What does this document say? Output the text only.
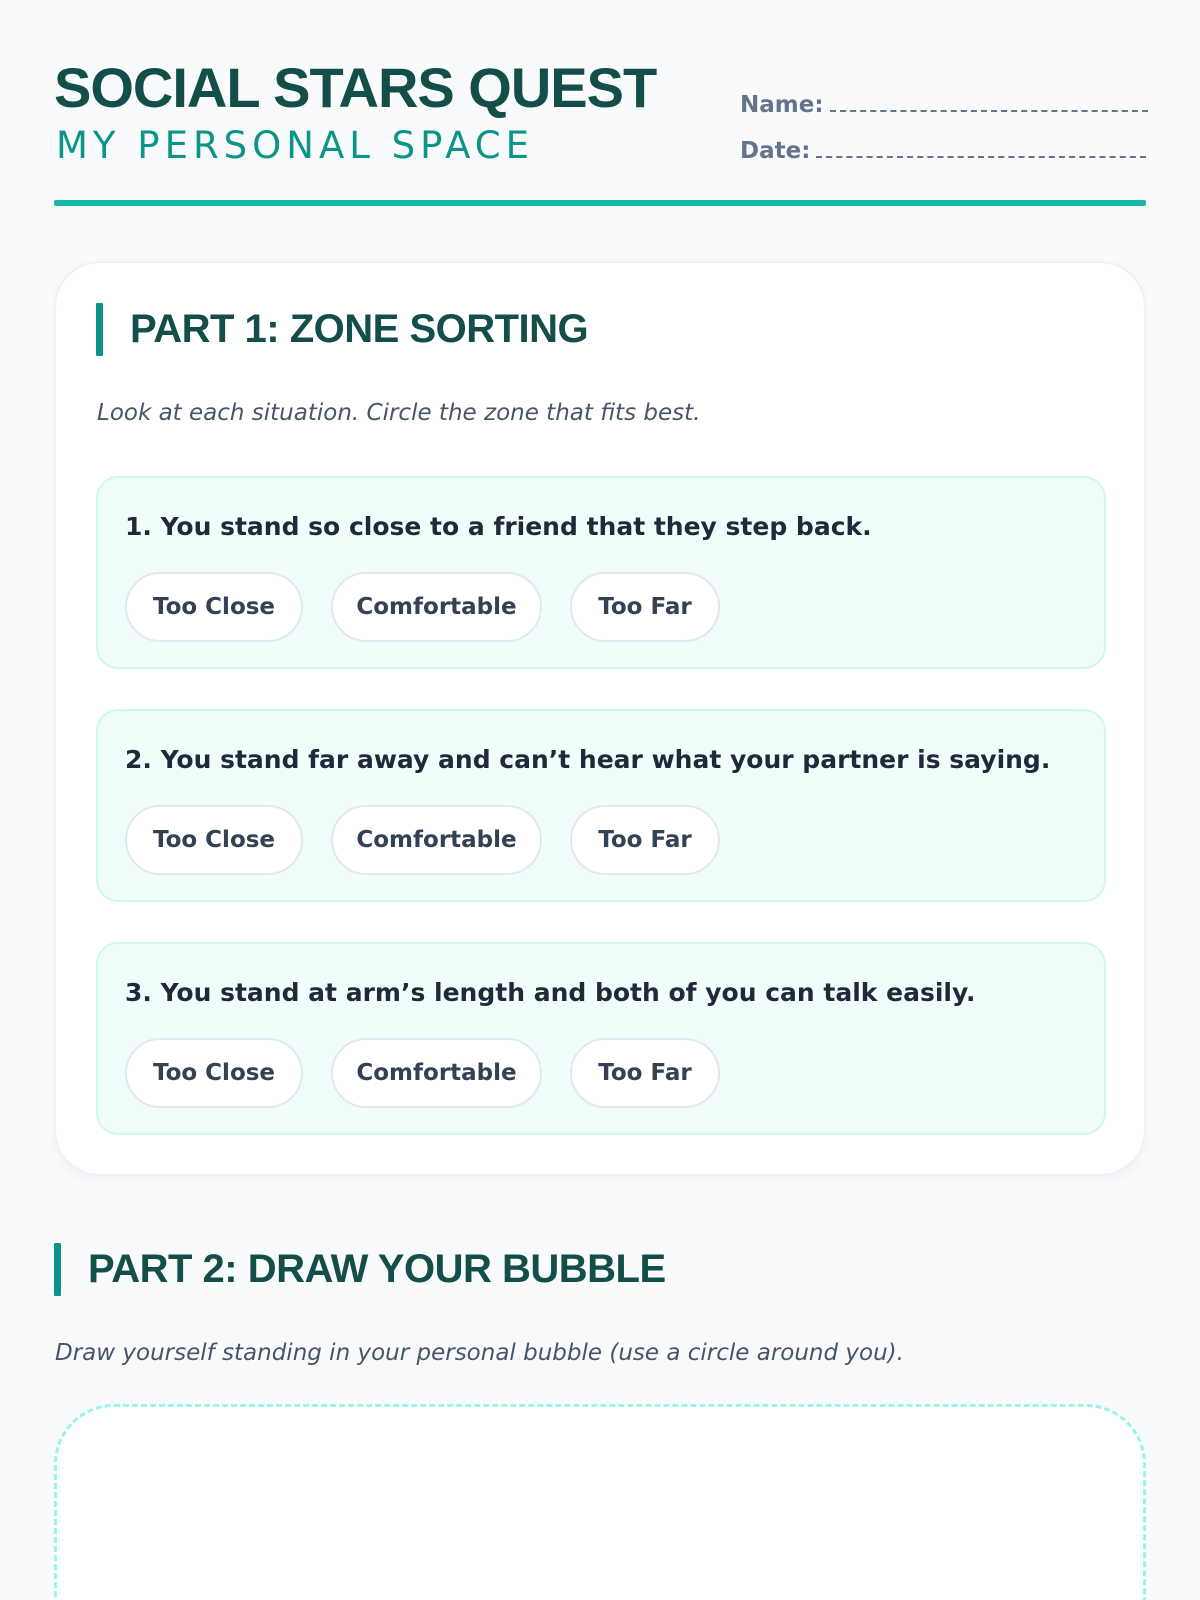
SOCIAL STARS QUEST
MY PERSONAL SPACE
Name:
Date:
PART 1: ZONE SORTING
Look at each situation. Circle the zone that fits best.
1. You stand so close to a friend that they step back.
Too Close	Comfortable	Too Far
2. You stand far away and can’t hear what your partner is saying.
Too Close	Comfortable	Too Far
3. You stand at arm’s length and both of you can talk easily.
Too Close	Comfortable	Too Far
PART 2: DRAW YOUR BUBBLE
Draw yourself standing in your personal bubble (use a circle around you).
